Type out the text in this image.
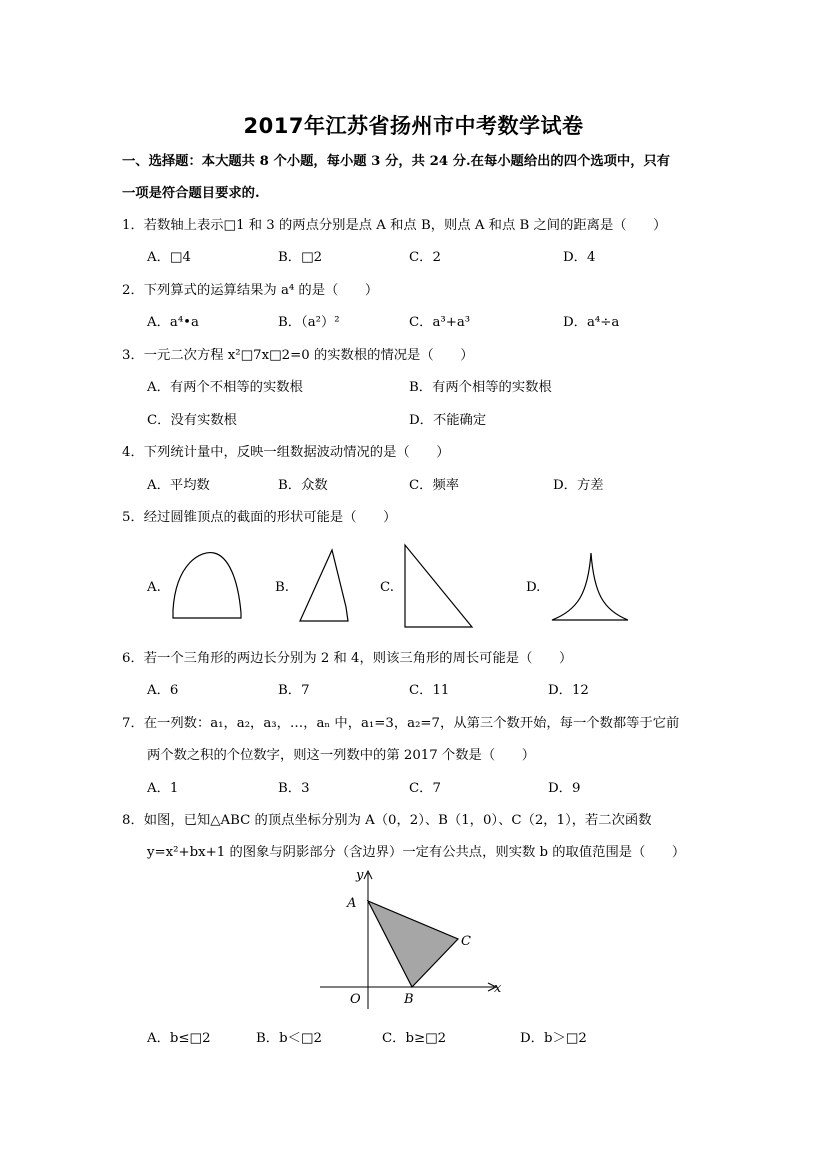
2017年江苏省扬州市中考数学试卷
一、选择题：本大题共 8 个小题，每小题 3 分，共 24 分.在每小题给出的四个选项中，只有
一项是符合题目要求的.
1．若数轴上表示□1 和 3 的两点分别是点 A 和点 B，则点 A 和点 B 之间的距离是（　　）
A．□4	B．□2	C．2	D．4
2．下列算式的运算结果为 a⁴ 的是（　　）
A．a⁴•a	B．（a²）²	C．a³+a³	D．a⁴÷a
3．一元二次方程 x²□7x□2=0 的实数根的情况是（　　）
A．有两个不相等的实数根	B．有两个相等的实数根
C．没有实数根	D．不能确定
4．下列统计量中，反映一组数据波动情况的是（　　）
A．平均数	B．众数	C．频率	D．方差
5．经过圆锥顶点的截面的形状可能是（　　）
A.	B.	C.	D.
6．若一个三角形的两边长分别为 2 和 4，则该三角形的周长可能是（　　）
A．6	B．7	C．11	D．12
7．在一列数：a₁，a₂，a₃，…，aₙ 中，a₁=3，a₂=7，从第三个数开始，每一个数都等于它前
两个数之积的个位数字，则这一列数中的第 2017 个数是（　　）
A．1	B．3	C．7	D．9
8．如图，已知△ABC 的顶点坐标分别为 A（0，2）、B（1，0）、C（2，1），若二次函数
y=x²+bx+1 的图象与阴影部分（含边界）一定有公共点，则实数 b 的取值范围是（　　）
y
x
O
A
B
C
A．b≤□2	B．b＜□2	C．b≥□2	D．b＞□2
